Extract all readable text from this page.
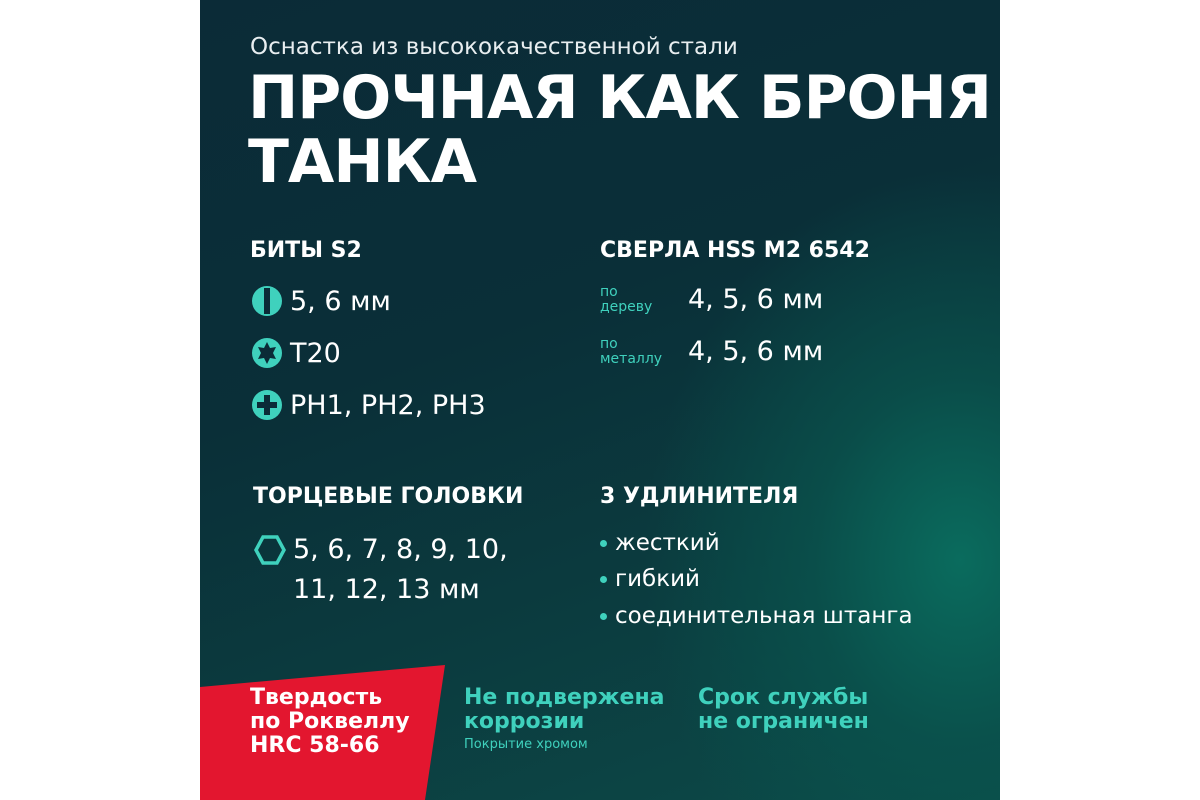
Оснастка из высококачественной стали
ПРОЧНАЯ КАК БРОНЯ
ТАНКА
БИТЫ S2
5, 6 мм
T20
PH1, PH2, PH3
СВЕРЛА HSS M2 6542
по
дереву	4, 5, 6 мм
по
металлу 4, 5, 6 мм
ТОРЦЕВЫЕ ГОЛОВКИ
5, 6, 7, 8, 9, 10,
11, 12, 13 мм
3 УДЛИНИТЕЛЯ
жесткий
гибкий
соединительная штанга
Твердость
по Роквеллу
HRC 58-66
Не подвержена
коррозии
Покрытие хромом
Срок службы
не ограничен
